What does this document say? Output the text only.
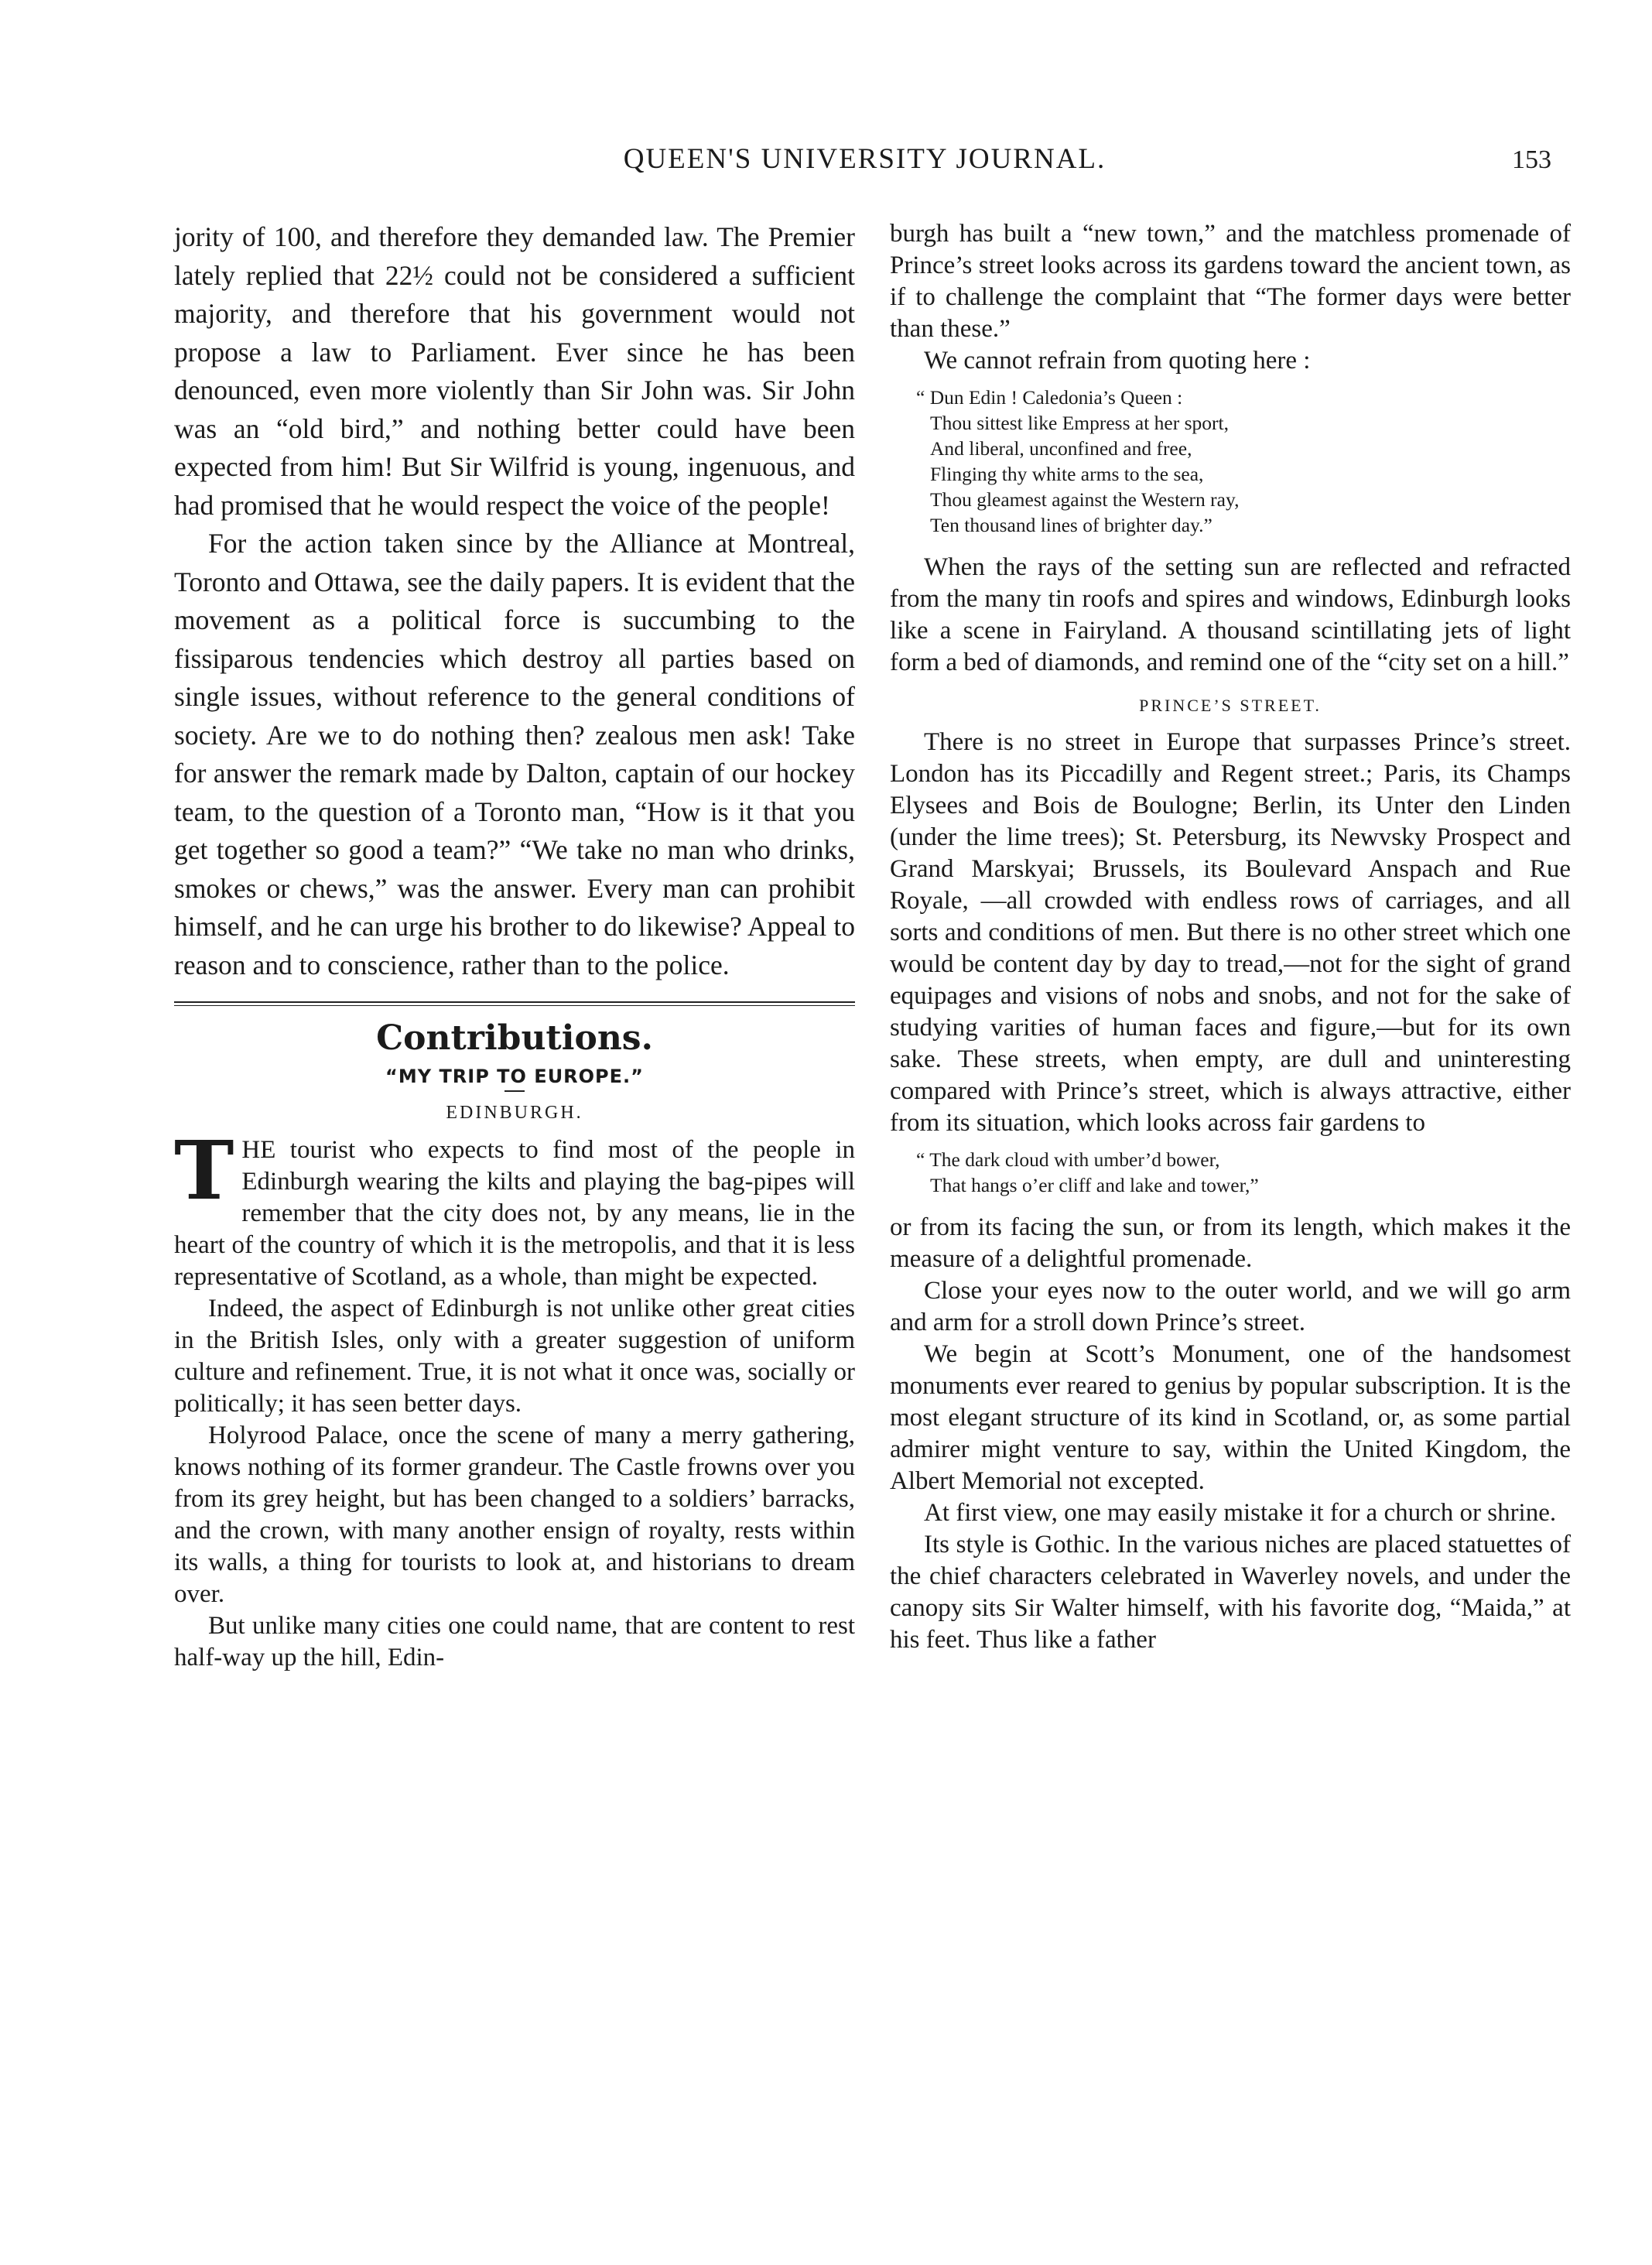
QUEEN'S UNIVERSITY JOURNAL.	153

jority of 100, and therefore they demanded law. The Premier lately replied that 22½ could not be considered a sufficient majority, and therefore that his government would not propose a law to Parliament. Ever since he has been denounced, even more violently than Sir John was. Sir John was an “old bird,” and nothing better could have been expected from him! But Sir Wilfrid is young, ingenuous, and had promised that he would respect the voice of the people!

For the action taken since by the Alliance at Montreal, Toronto and Ottawa, see the daily papers. It is evident that the movement as a political force is succumbing to the fissiparous tendencies which destroy all parties based on single issues, without reference to the general conditions of society. Are we to do nothing then? zealous men ask! Take for answer the remark made by Dalton, captain of our hockey team, to the question of a Toronto man, “How is it that you get together so good a team?” “We take no man who drinks, smokes or chews,” was the answer. Every man can prohibit himself, and he can urge his brother to do likewise? Appeal to reason and to conscience, rather than to the police.

Contributions.
“MY TRIP TO EUROPE.”
EDINBURGH.

THE tourist who expects to find most of the people in Edinburgh wearing the kilts and playing the bag-pipes will remember that the city does not, by any means, lie in the heart of the country of which it is the metropolis, and that it is less representative of Scotland, as a whole, than might be expected.

Indeed, the aspect of Edinburgh is not unlike other great cities in the British Isles, only with a greater suggestion of uniform culture and refinement. True, it is not what it once was, socially or politically; it has seen better days.

Holyrood Palace, once the scene of many a merry gathering, knows nothing of its former grandeur. The Castle frowns over you from its grey height, but has been changed to a soldiers’ barracks, and the crown, with many another ensign of royalty, rests within its walls, a thing for tourists to look at, and historians to dream over.

But unlike many cities one could name, that are content to rest half-way up the hill, Edin-

burgh has built a “new town,” and the matchless promenade of Prince’s street looks across its gardens toward the ancient town, as if to challenge the complaint that “The former days were better than these.”

We cannot refrain from quoting here :

“ Dun Edin ! Caledonia’s Queen :
Thou sittest like Empress at her sport,
And liberal, unconfined and free,
Flinging thy white arms to the sea,
Thou gleamest against the Western ray,
Ten thousand lines of brighter day.”

When the rays of the setting sun are reflected and refracted from the many tin roofs and spires and windows, Edinburgh looks like a scene in Fairyland. A thousand scintillating jets of light form a bed of diamonds, and remind one of the “city set on a hill.”

PRINCE’S STREET.

There is no street in Europe that surpasses Prince’s street. London has its Piccadilly and Regent street.; Paris, its Champs Elysees and Bois de Boulogne; Berlin, its Unter den Linden (under the lime trees); St. Petersburg, its Newvsky Prospect and Grand Marskyai; Brussels, its Boulevard Anspach and Rue Royale, —all crowded with endless rows of carriages, and all sorts and conditions of men. But there is no other street which one would be content day by day to tread,—not for the sight of grand equipages and visions of nobs and snobs, and not for the sake of studying varities of human faces and figure,—but for its own sake. These streets, when empty, are dull and uninteresting compared with Prince’s street, which is always attractive, either from its situation, which looks across fair gardens to

“ The dark cloud with umber’d bower,
That hangs o’er cliff and lake and tower,”

or from its facing the sun, or from its length, which makes it the measure of a delightful promenade.

Close your eyes now to the outer world, and we will go arm and arm for a stroll down Prince’s street.

We begin at Scott’s Monument, one of the handsomest monuments ever reared to genius by popular subscription. It is the most elegant structure of its kind in Scotland, or, as some partial admirer might venture to say, within the United Kingdom, the Albert Memorial not excepted.

At first view, one may easily mistake it for a church or shrine.

Its style is Gothic. In the various niches are placed statuettes of the chief characters celebrated in Waverley novels, and under the canopy sits Sir Walter himself, with his favorite dog, “Maida,” at his feet. Thus like a father
